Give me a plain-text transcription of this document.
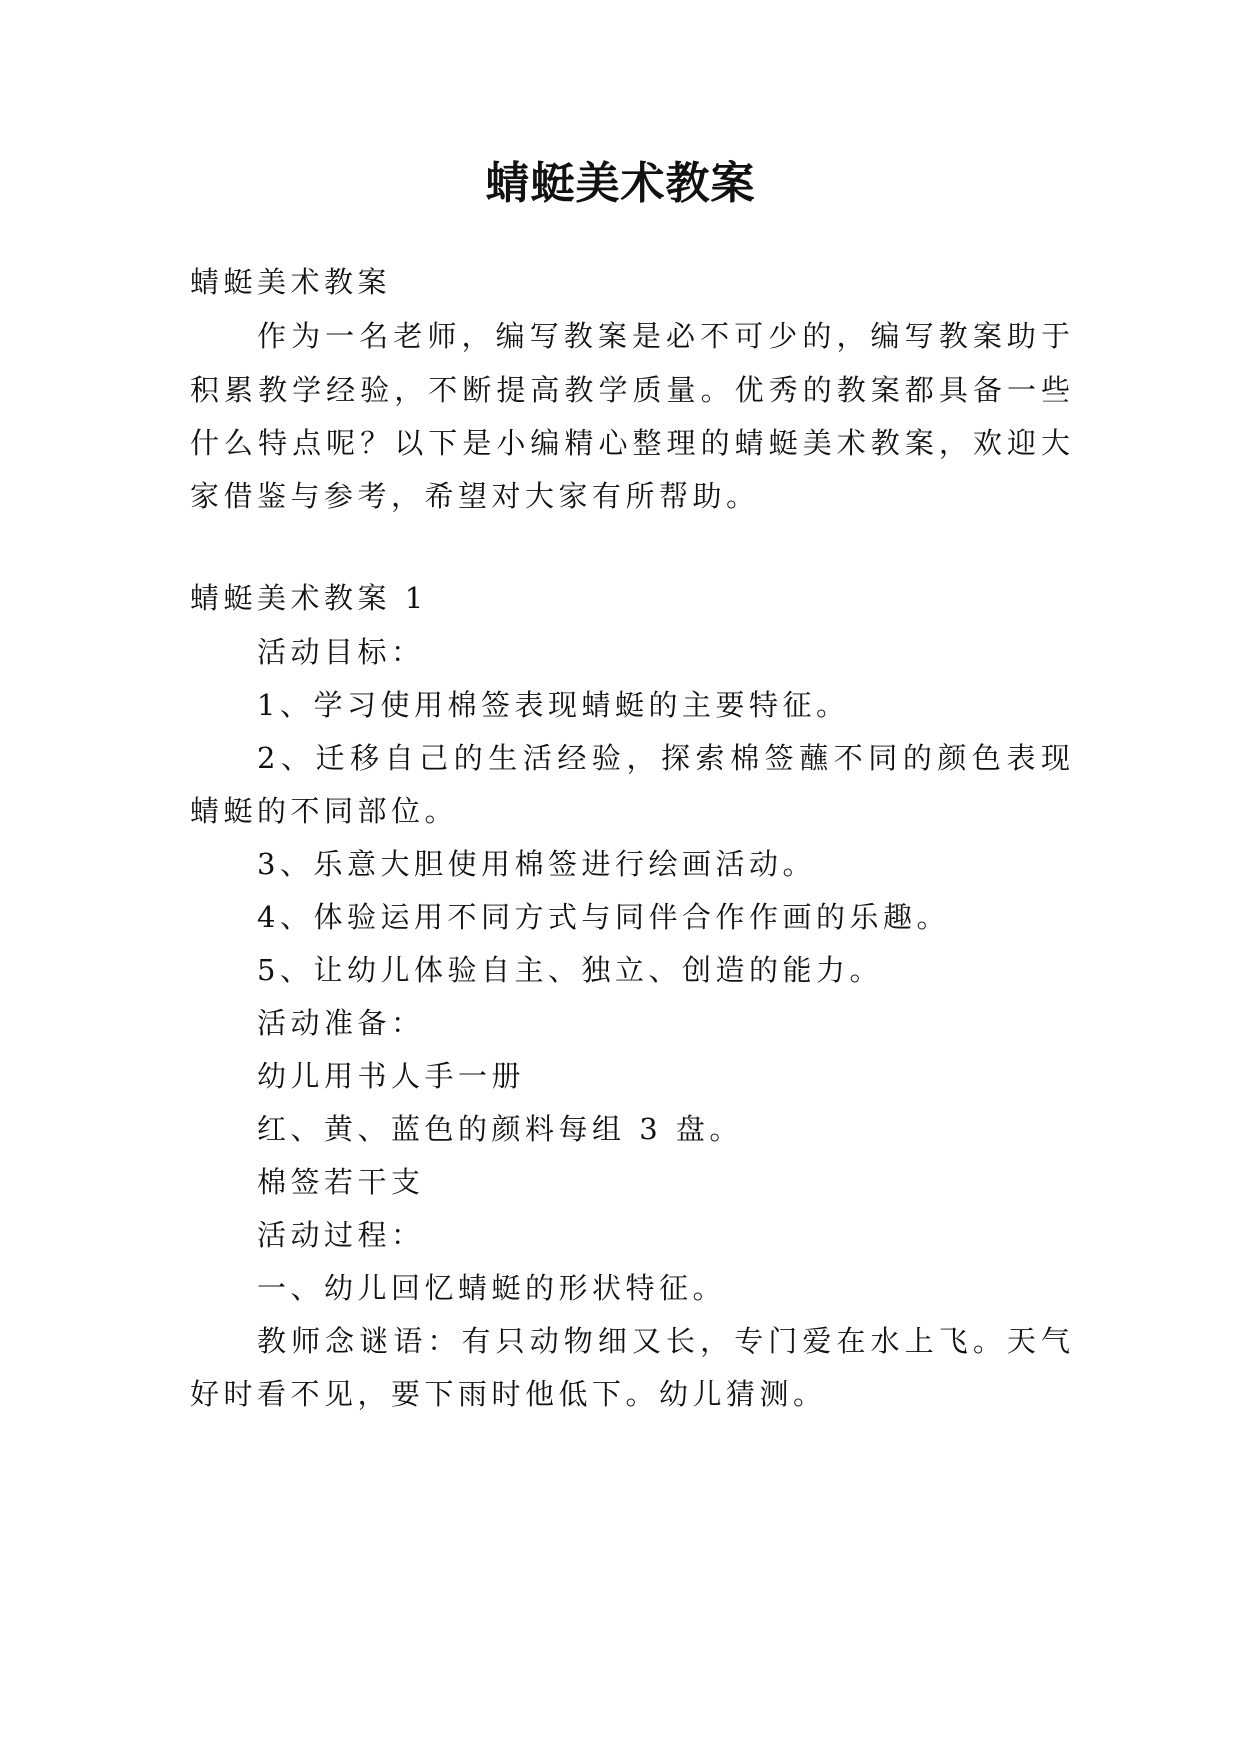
蜻蜓美术教案
蜻蜓美术教案
作为一名老师，编写教案是必不可少的，编写教案助于
积累教学经验，不断提高教学质量。优秀的教案都具备一些
什么特点呢？以下是小编精心整理的蜻蜓美术教案，欢迎大
家借鉴与参考，希望对大家有所帮助。
蜻蜓美术教案 1
活动目标：
1、学习使用棉签表现蜻蜓的主要特征。
2、迁移自己的生活经验，探索棉签蘸不同的颜色表现
蜻蜓的不同部位。
3、乐意大胆使用棉签进行绘画活动。
4、体验运用不同方式与同伴合作作画的乐趣。
5、让幼儿体验自主、独立、创造的能力。
活动准备：
幼儿用书人手一册
红、黄、蓝色的颜料每组 3 盘。
棉签若干支
活动过程：
一、幼儿回忆蜻蜓的形状特征。
教师念谜语：有只动物细又长，专门爱在水上飞。天气
好时看不见，要下雨时他低下。幼儿猜测。
